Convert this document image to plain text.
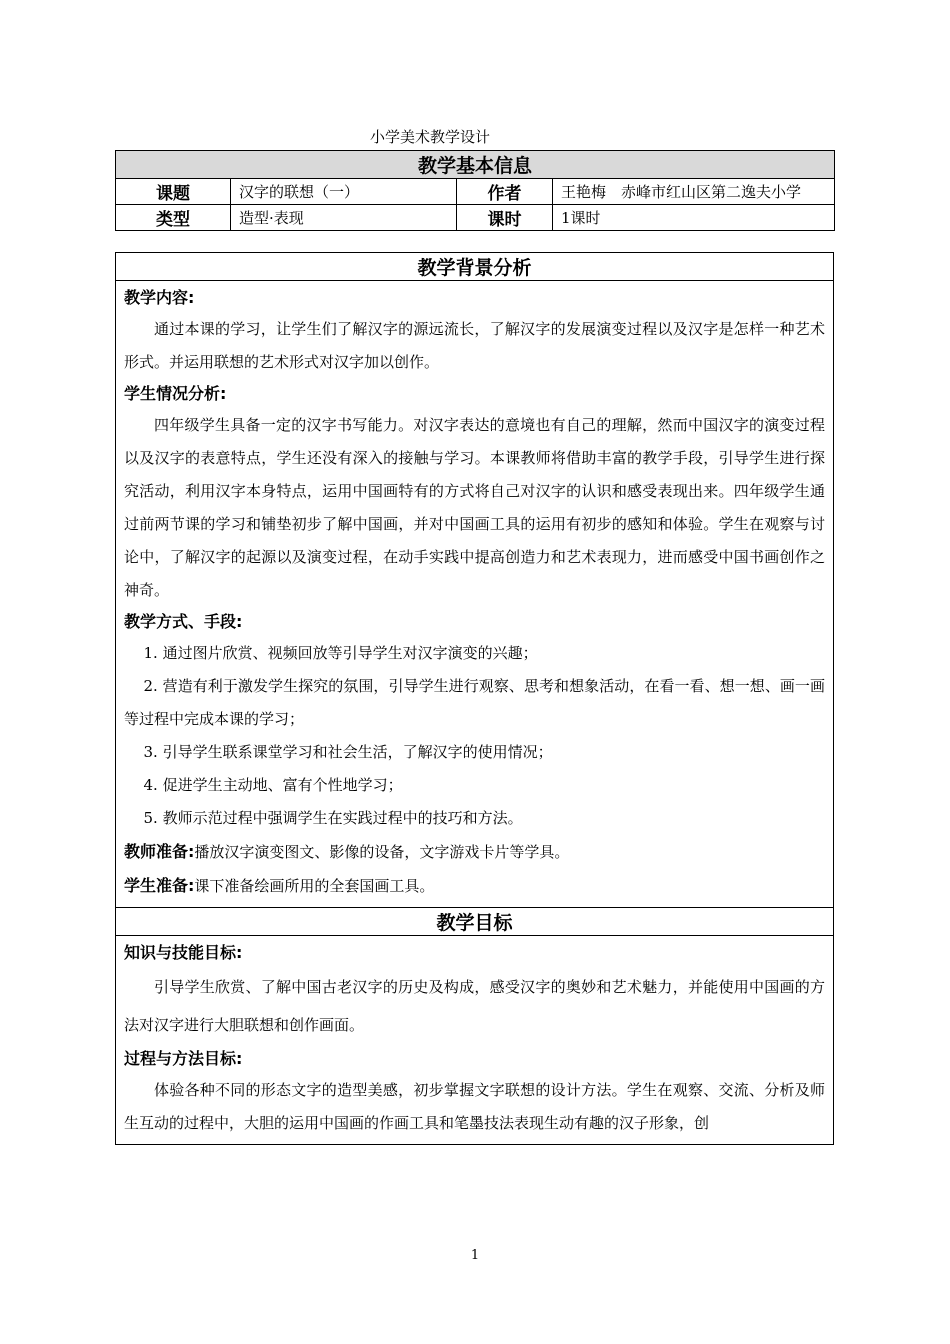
小学美术教学设计
教学基本信息			
课题	汉字的联想（一）	作者	王艳梅　赤峰市红山区第二逸夫小学
类型	造型·表现	课时	1课时
教学背景分析

教学内容:

通过本课的学习，让学生们了解汉字的源远流长，了解汉字的发展演变过程以及汉字是怎样一种艺术形式。并运用联想的艺术形式对汉字加以创作。

学生情况分析:

四年级学生具备一定的汉字书写能力。对汉字表达的意境也有自己的理解，然而中国汉字的演变过程以及汉字的表意特点，学生还没有深入的接触与学习。本课教师将借助丰富的教学手段，引导学生进行探究活动，利用汉字本身特点，运用中国画特有的方式将自己对汉字的认识和感受表现出来。四年级学生通过前两节课的学习和铺垫初步了解中国画，并对中国画工具的运用有初步的感知和体验。学生在观察与讨论中，了解汉字的起源以及演变过程，在动手实践中提高创造力和艺术表现力，进而感受中国书画创作之神奇。

教学方式、手段:

1. 通过图片欣赏、视频回放等引导学生对汉字演变的兴趣；

2. 营造有利于激发学生探究的氛围，引导学生进行观察、思考和想象活动，在看一看、想一想、画一画等过程中完成本课的学习；

3. 引导学生联系课堂学习和社会生活，了解汉字的使用情况；

4. 促进学生主动地、富有个性地学习；

5. 教师示范过程中强调学生在实践过程中的技巧和方法。

教师准备:播放汉字演变图文、影像的设备，文字游戏卡片等学具。
学生准备:课下准备绘画所用的全套国画工具。

教学目标

知识与技能目标:

引导学生欣赏、了解中国古老汉字的历史及构成，感受汉字的奥妙和艺术魅力，并能使用中国画的方法对汉字进行大胆联想和创作画面。

过程与方法目标:

体验各种不同的形态文字的造型美感，初步掌握文字联想的设计方法。学生在观察、交流、分析及师生互动的过程中，大胆的运用中国画的作画工具和笔墨技法表现生动有趣的汉子形象，创

1
